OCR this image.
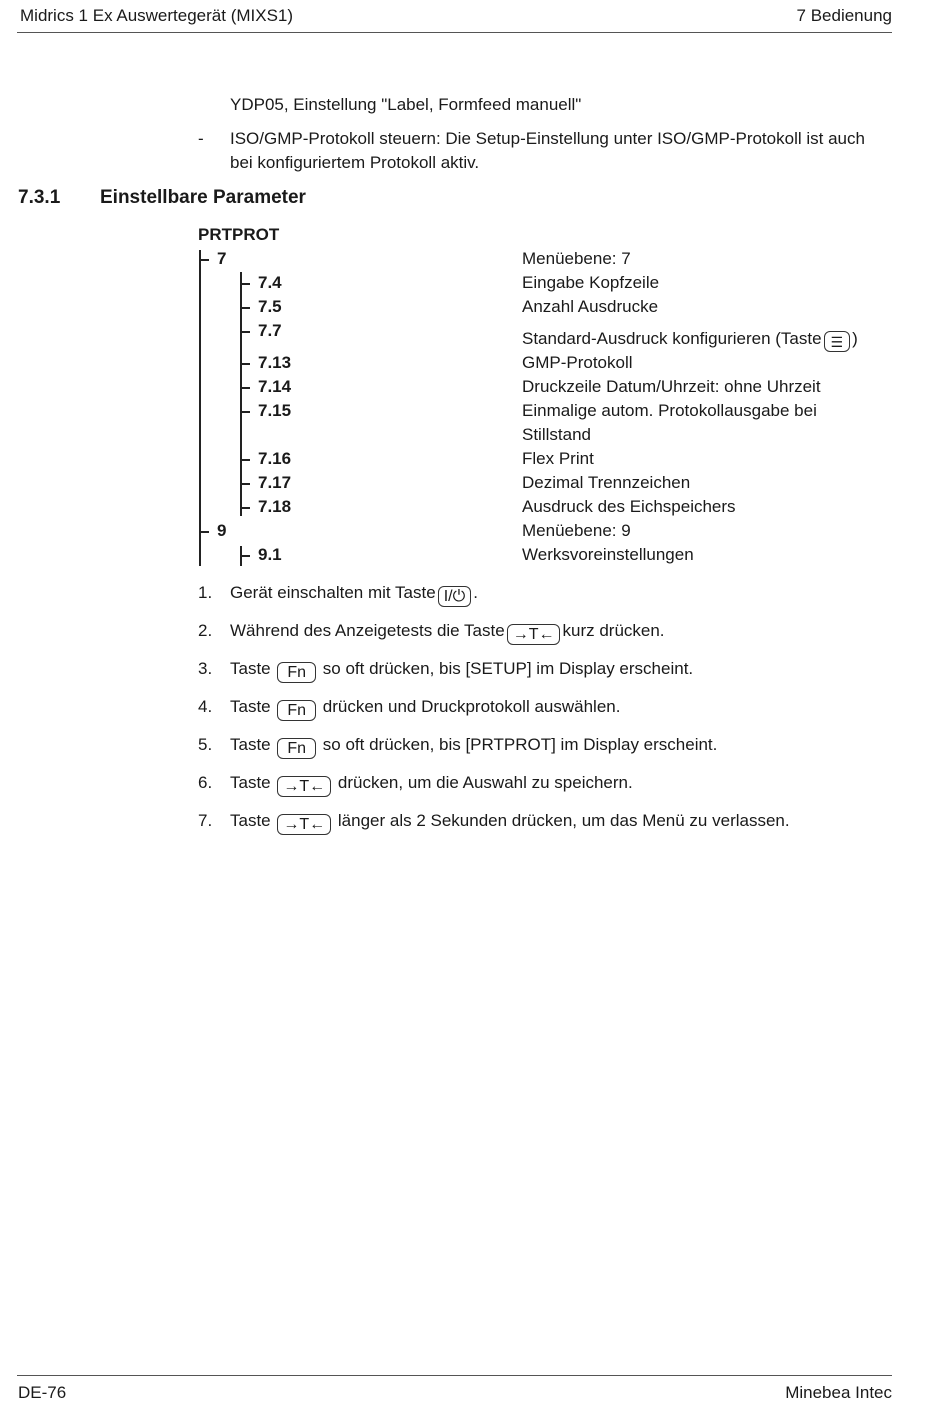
Midrics 1 Ex Auswertegerät (MIXS1)	7 Bedienung
YDP05, Einstellung "Label, Formfeed manuell"
- ISO/GMP-Protokoll steuern: Die Setup-Einstellung unter ISO/GMP-Protokoll ist auch
bei konfiguriertem Protokoll aktiv.
7.3.1 Einstellbare Parameter
PRTPROT
7
7.4
7.5
7.7
7.13
7.14
7.15
7.16
7.17
7.18
9
9.1
Menüebene: 7
Eingabe Kopfzeile
Anzahl Ausdrucke
Standard-Ausdruck konfigurieren (Taste ☰ )
GMP-Protokoll
Druckzeile Datum/Uhrzeit: ohne Uhrzeit
Einmalige autom. Protokollausgabe bei
Stillstand
Flex Print
Dezimal Trennzeichen
Ausdruck des Eichspeichers
Menüebene: 9
Werksvoreinstellungen
1. Gerät einschalten mit Taste I/⏻ .
2. Während des Anzeigetests die Taste →T← kurz drücken.
3. Taste Fn so oft drücken, bis [SETUP] im Display erscheint.
4. Taste Fn drücken und Druckprotokoll auswählen.
5. Taste Fn so oft drücken, bis [PRTPROT] im Display erscheint.
6. Taste →T← drücken, um die Auswahl zu speichern.
7. Taste →T← länger als 2 Sekunden drücken, um das Menü zu verlassen.
DE-76	Minebea Intec
